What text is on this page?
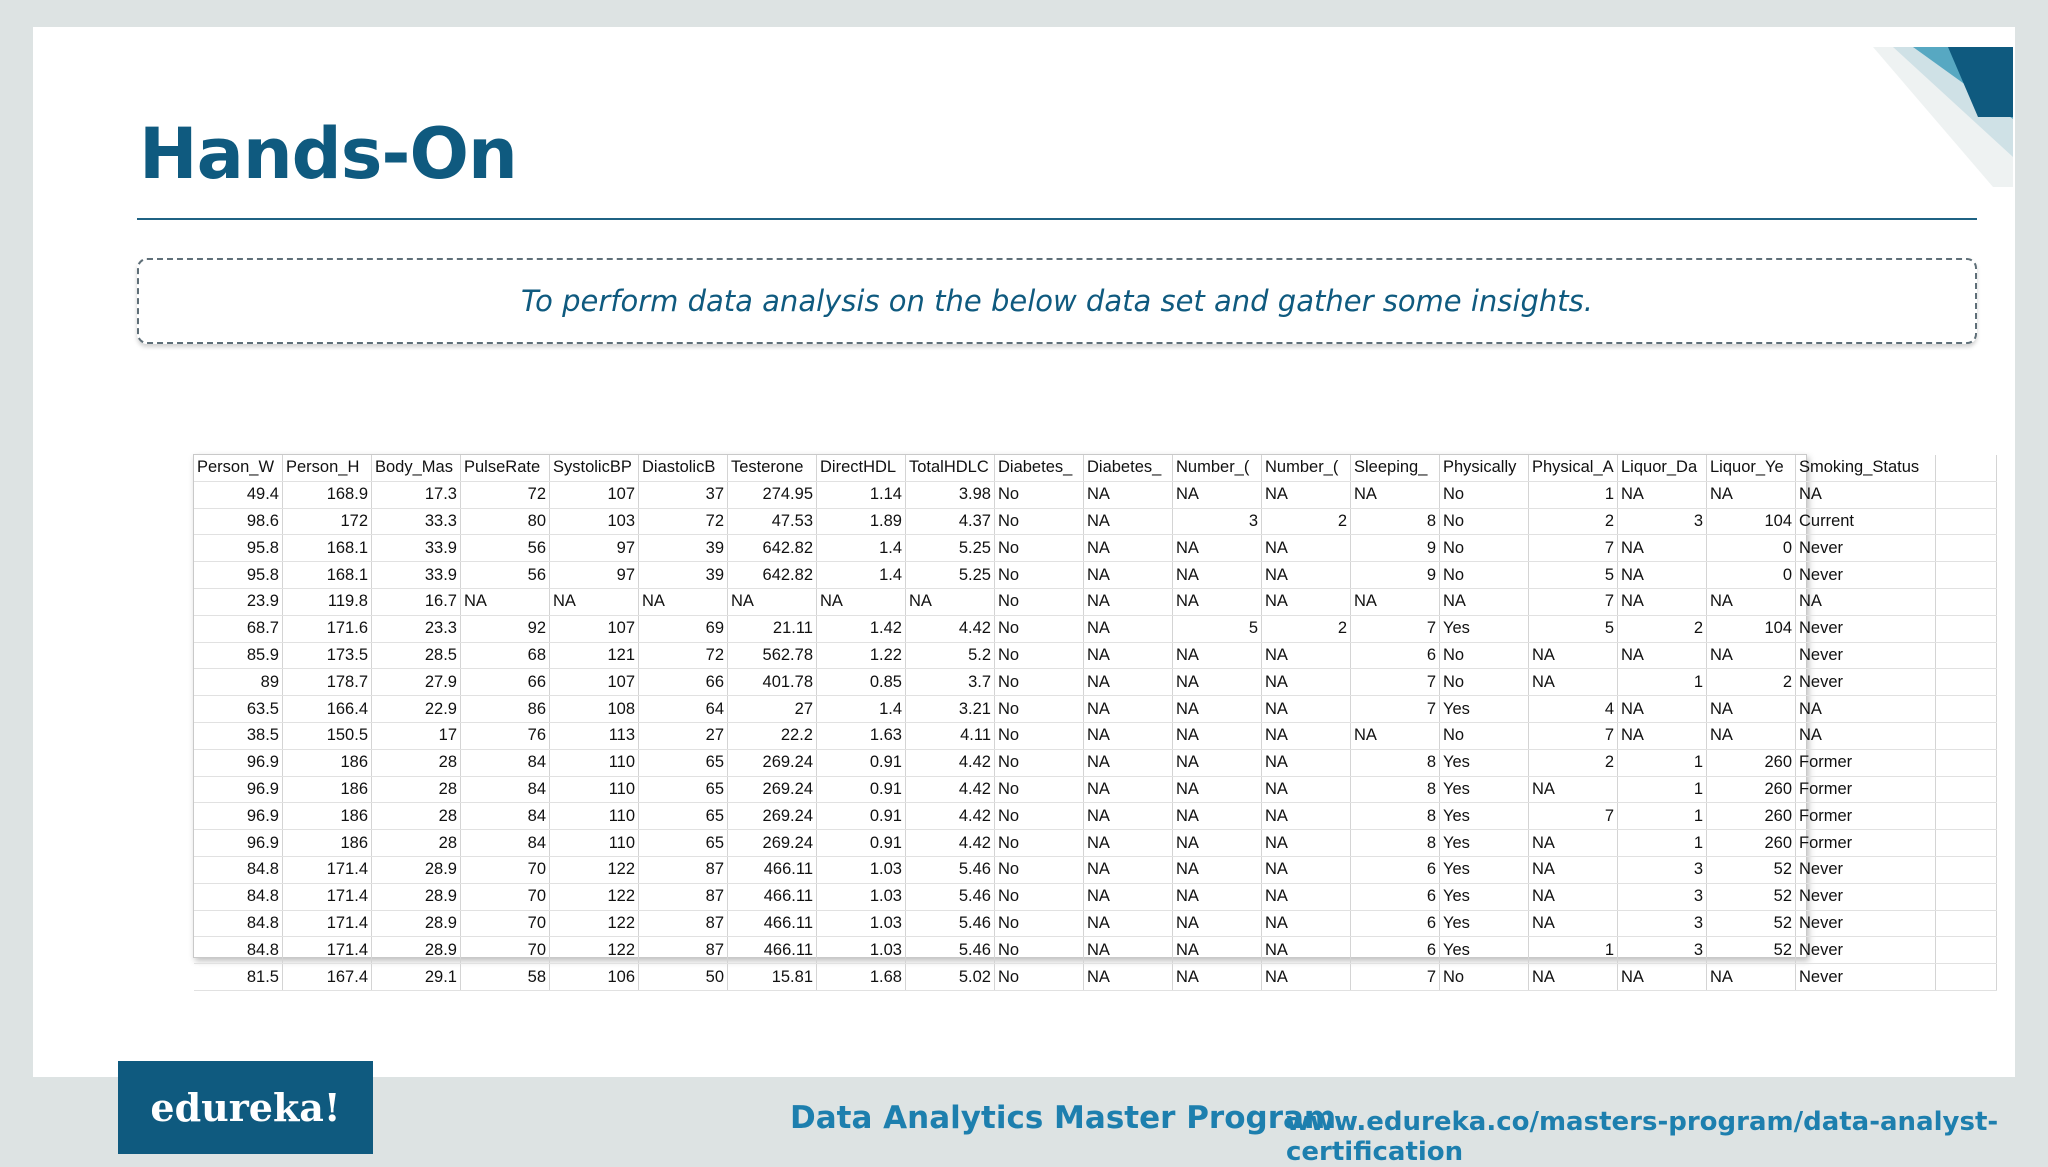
Hands-On
To perform data analysis on the below data set and gather some insights.
Person_W	Person_H	Body_Mas	PulseRate	SystolicBP	DiastolicB	Testerone	DirectHDL	TotalHDLC	Diabetes_	Diabetes_	Number_(	Number_(	Sleeping_	Physically	Physical_A	Liquor_Da	Liquor_Ye	Smoking_Status	
49.4	168.9	17.3	72	107	37	274.95	1.14	3.98	No	NA	NA	NA	NA	No	1	NA	NA	NA	
98.6	172	33.3	80	103	72	47.53	1.89	4.37	No	NA	3	2	8	No	2	3	104	Current	
95.8	168.1	33.9	56	97	39	642.82	1.4	5.25	No	NA	NA	NA	9	No	7	NA	0	Never	
95.8	168.1	33.9	56	97	39	642.82	1.4	5.25	No	NA	NA	NA	9	No	5	NA	0	Never	
23.9	119.8	16.7	NA	NA	NA	NA	NA	NA	No	NA	NA	NA	NA	NA	7	NA	NA	NA	
68.7	171.6	23.3	92	107	69	21.11	1.42	4.42	No	NA	5	2	7	Yes	5	2	104	Never	
85.9	173.5	28.5	68	121	72	562.78	1.22	5.2	No	NA	NA	NA	6	No	NA	NA	NA	Never	
89	178.7	27.9	66	107	66	401.78	0.85	3.7	No	NA	NA	NA	7	No	NA	1	2	Never	
63.5	166.4	22.9	86	108	64	27	1.4	3.21	No	NA	NA	NA	7	Yes	4	NA	NA	NA	
38.5	150.5	17	76	113	27	22.2	1.63	4.11	No	NA	NA	NA	NA	No	7	NA	NA	NA	
96.9	186	28	84	110	65	269.24	0.91	4.42	No	NA	NA	NA	8	Yes	2	1	260	Former	
96.9	186	28	84	110	65	269.24	0.91	4.42	No	NA	NA	NA	8	Yes	NA	1	260	Former	
96.9	186	28	84	110	65	269.24	0.91	4.42	No	NA	NA	NA	8	Yes	7	1	260	Former	
96.9	186	28	84	110	65	269.24	0.91	4.42	No	NA	NA	NA	8	Yes	NA	1	260	Former	
84.8	171.4	28.9	70	122	87	466.11	1.03	5.46	No	NA	NA	NA	6	Yes	NA	3	52	Never	
84.8	171.4	28.9	70	122	87	466.11	1.03	5.46	No	NA	NA	NA	6	Yes	NA	3	52	Never	
84.8	171.4	28.9	70	122	87	466.11	1.03	5.46	No	NA	NA	NA	6	Yes	NA	3	52	Never	
84.8	171.4	28.9	70	122	87	466.11	1.03	5.46	No	NA	NA	NA	6	Yes	1	3	52	Never	
81.5	167.4	29.1	58	106	50	15.81	1.68	5.02	No	NA	NA	NA	7	No	NA	NA	NA	Never	
edureka!	Data Analytics Master Program
www.edureka.co/masters-program/data-analyst-certification
